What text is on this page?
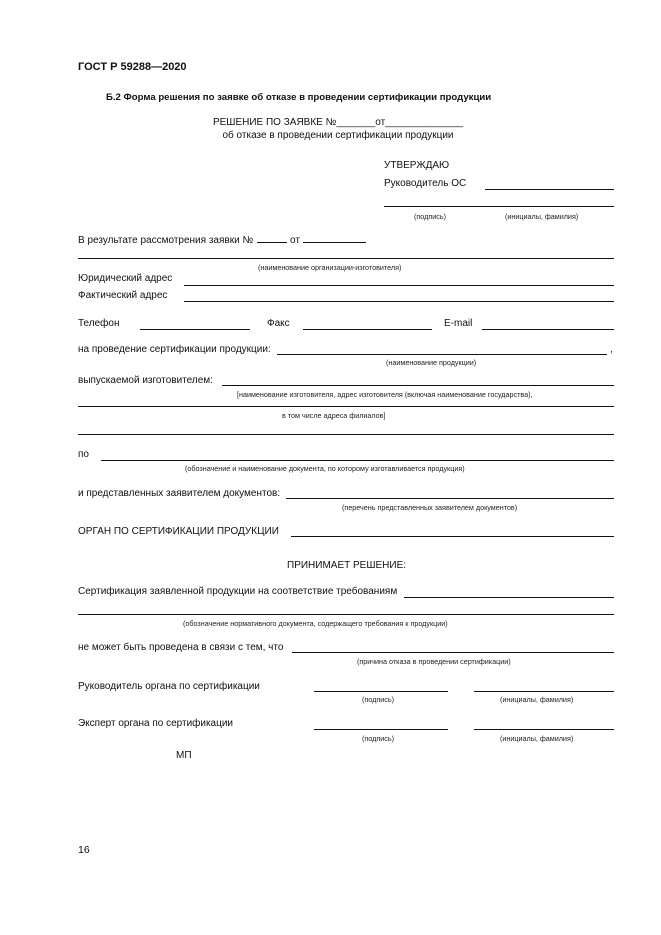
ГОСТ Р 59288—2020
Б.2 Форма решения по заявке об отказе в проведении сертификации продукции
РЕШЕНИЕ ПО ЗАЯВКЕ №_______от______________
об отказе в проведении сертификации продукции
УТВЕРЖДАЮ
Руководитель ОС
(подпись)	(инициалы, фамилия)
В результате рассмотрения заявки №	от
(наименование организации-изготовителя)
Юридический адрес
Фактический адрес
Телефон	Факс	E-mail
на проведение сертификации продукции:	,
(наименование продукции)
выпускаемой изготовителем:
[наименование изготовителя, адрес изготовителя (включая наименование государства),
в том числе адреса филиалов]
по
(обозначение и наименование документа, по которому изготавливается продукция)
и представленных заявителем документов:
(перечень представленных заявителем документов)
ОРГАН ПО СЕРТИФИКАЦИИ ПРОДУКЦИИ
ПРИНИМАЕТ РЕШЕНИЕ:
Сертификация заявленной продукции на соответствие требованиям
(обозначение нормативного документа, содержащего требования к продукции)
не может быть проведена в связи с тем, что
(причина отказа в проведении сертификации)
Руководитель органа по сертификации
(подпись)	(инициалы, фамилия)
Эксперт органа по сертификации
(подпись)	(инициалы, фамилия)
МП
16
